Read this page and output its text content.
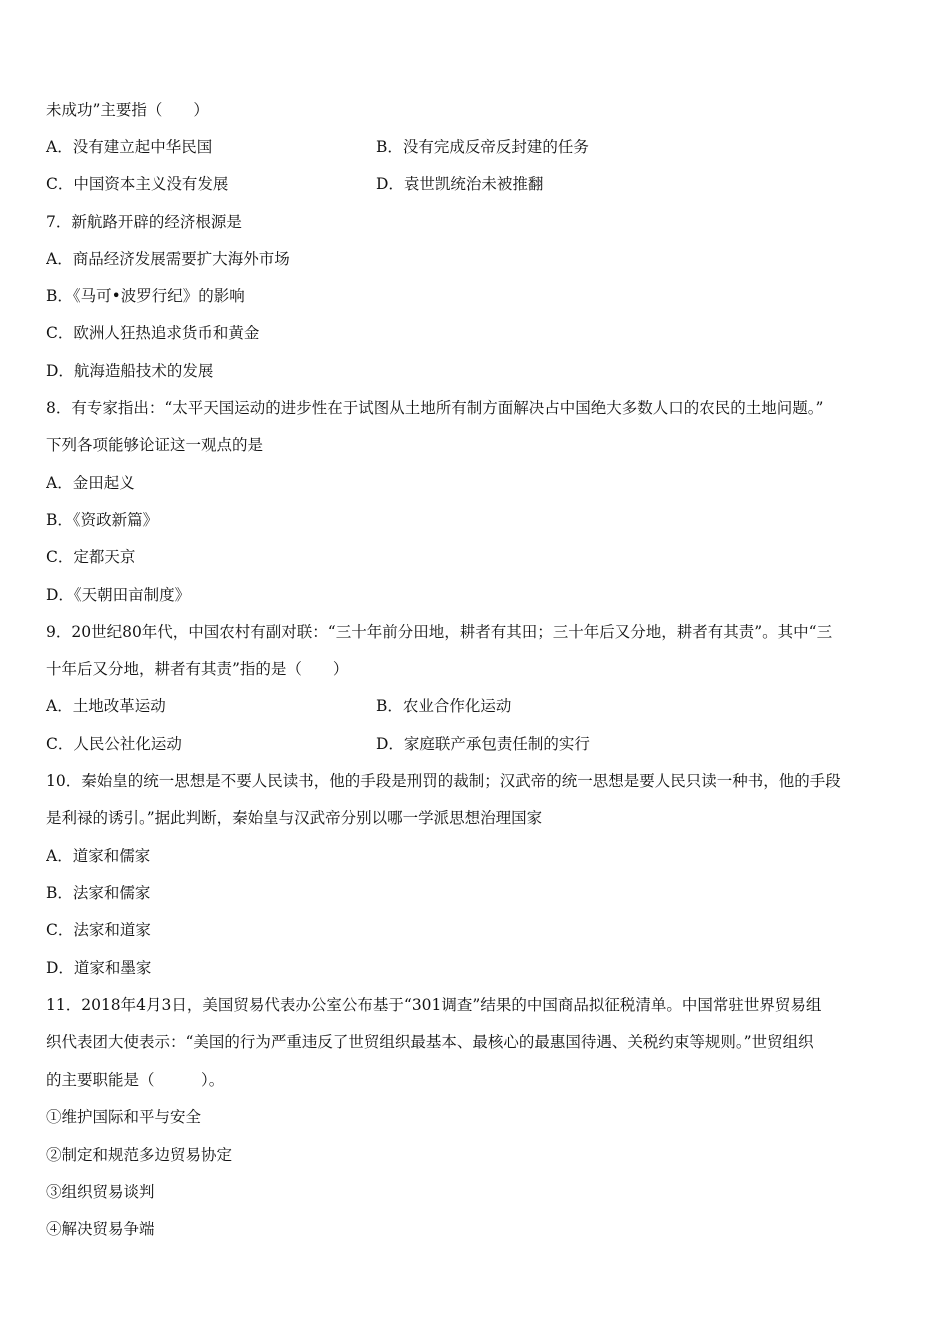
未成功”主要指（　　）
A．没有建立起中华民国	B．没有完成反帝反封建的任务
C．中国资本主义没有发展	D．袁世凯统治未被推翻
7．新航路开辟的经济根源是
A．商品经济发展需要扩大海外市场
B．《马可•波罗行纪》的影响
C．欧洲人狂热追求货币和黄金
D．航海造船技术的发展
8．有专家指出：“太平天国运动的进步性在于试图从土地所有制方面解决占中国绝大多数人口的农民的土地问题。”
下列各项能够论证这一观点的是
A．金田起义
B．《资政新篇》
C．定都天京
D．《天朝田亩制度》
9．20世纪80年代，中国农村有副对联：“三十年前分田地，耕者有其田；三十年后又分地，耕者有其责”。其中“三
十年后又分地，耕者有其责”指的是（　　）
A．土地改革运动	B．农业合作化运动
C．人民公社化运动	D．家庭联产承包责任制的实行
10．秦始皇的统一思想是不要人民读书，他的手段是刑罚的裁制；汉武帝的统一思想是要人民只读一种书，他的手段
是利禄的诱引。”据此判断，秦始皇与汉武帝分别以哪一学派思想治理国家
A．道家和儒家
B．法家和儒家
C．法家和道家
D．道家和墨家
11．2018年4月3日，美国贸易代表办公室公布基于“301调查”结果的中国商品拟征税清单。中国常驻世界贸易组
织代表团大使表示：“美国的行为严重违反了世贸组织最基本、最核心的最惠国待遇、关税约束等规则。”世贸组织
的主要职能是（　　　）。
①维护国际和平与安全
②制定和规范多边贸易协定
③组织贸易谈判
④解决贸易争端
